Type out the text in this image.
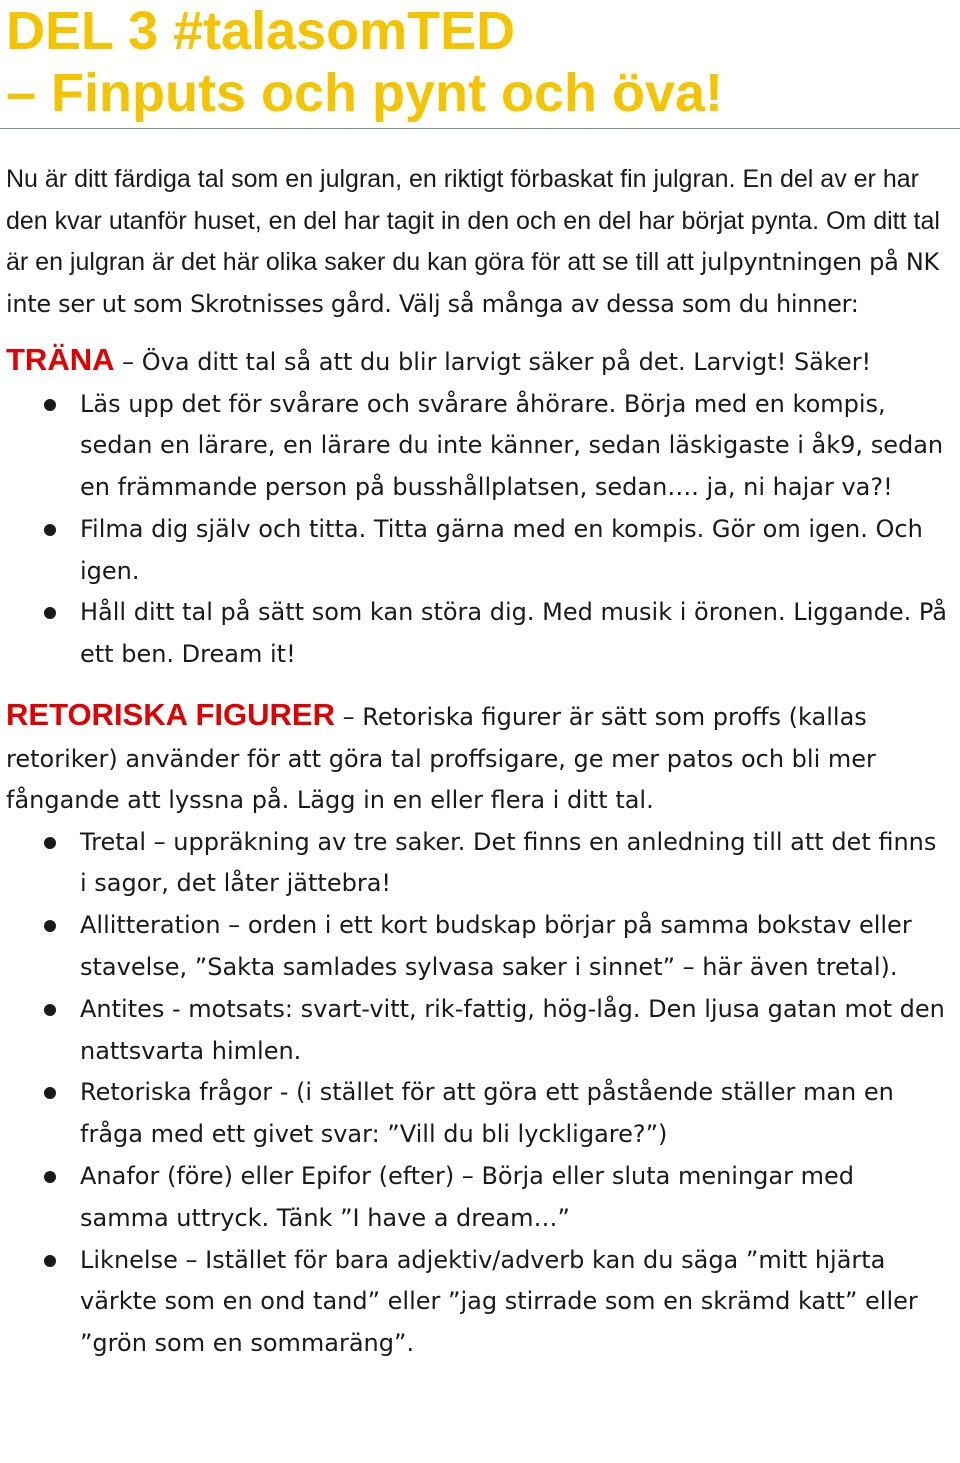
DEL 3 #talasomTED
– Finputs och pynt och öva!

Nu är ditt färdiga tal som en julgran, en riktigt förbaskat fin julgran. En del av er har den kvar utanför huset, en del har tagit in den och en del har börjat pynta. Om ditt tal är en julgran är det här olika saker du kan göra för att se till att julpyntningen på NK inte ser ut som Skrotnisses gård. Välj så många av dessa som du hinner:

TRÄNA – Öva ditt tal så att du blir larvigt säker på det. Larvigt! Säker!

Läs upp det för svårare och svårare åhörare. Börja med en kompis, sedan en lärare, en lärare du inte känner, sedan läskigaste i åk9, sedan en främmande person på busshållplatsen, sedan…. ja, ni hajar va?!
Filma dig själv och titta. Titta gärna med en kompis. Gör om igen. Och igen.
Håll ditt tal på sätt som kan störa dig. Med musik i öronen. Liggande. På ett ben. Dream it!

RETORISKA FIGURER – Retoriska figurer är sätt som proffs (kallas retoriker) använder för att göra tal proffsigare, ge mer patos och bli mer fångande att lyssna på. Lägg in en eller flera i ditt tal.

Tretal – uppräkning av tre saker. Det finns en anledning till att det finns i sagor, det låter jättebra!
Allitteration – orden i ett kort budskap börjar på samma bokstav eller stavelse, ”Sakta samlades sylvasa saker i sinnet” – här även tretal).
Antites - motsats: svart-vitt, rik-fattig, hög-låg. Den ljusa gatan mot den nattsvarta himlen.
Retoriska frågor - (i stället för att göra ett påstående ställer man en fråga med ett givet svar: ”Vill du bli lyckligare?”)
Anafor (före) eller Epifor (efter) – Börja eller sluta meningar med samma uttryck. Tänk ”I have a dream…”
Liknelse – Istället för bara adjektiv/adverb kan du säga ”mitt hjärta värkte som en ond tand” eller ”jag stirrade som en skrämd katt” eller ”grön som en sommaräng”.
